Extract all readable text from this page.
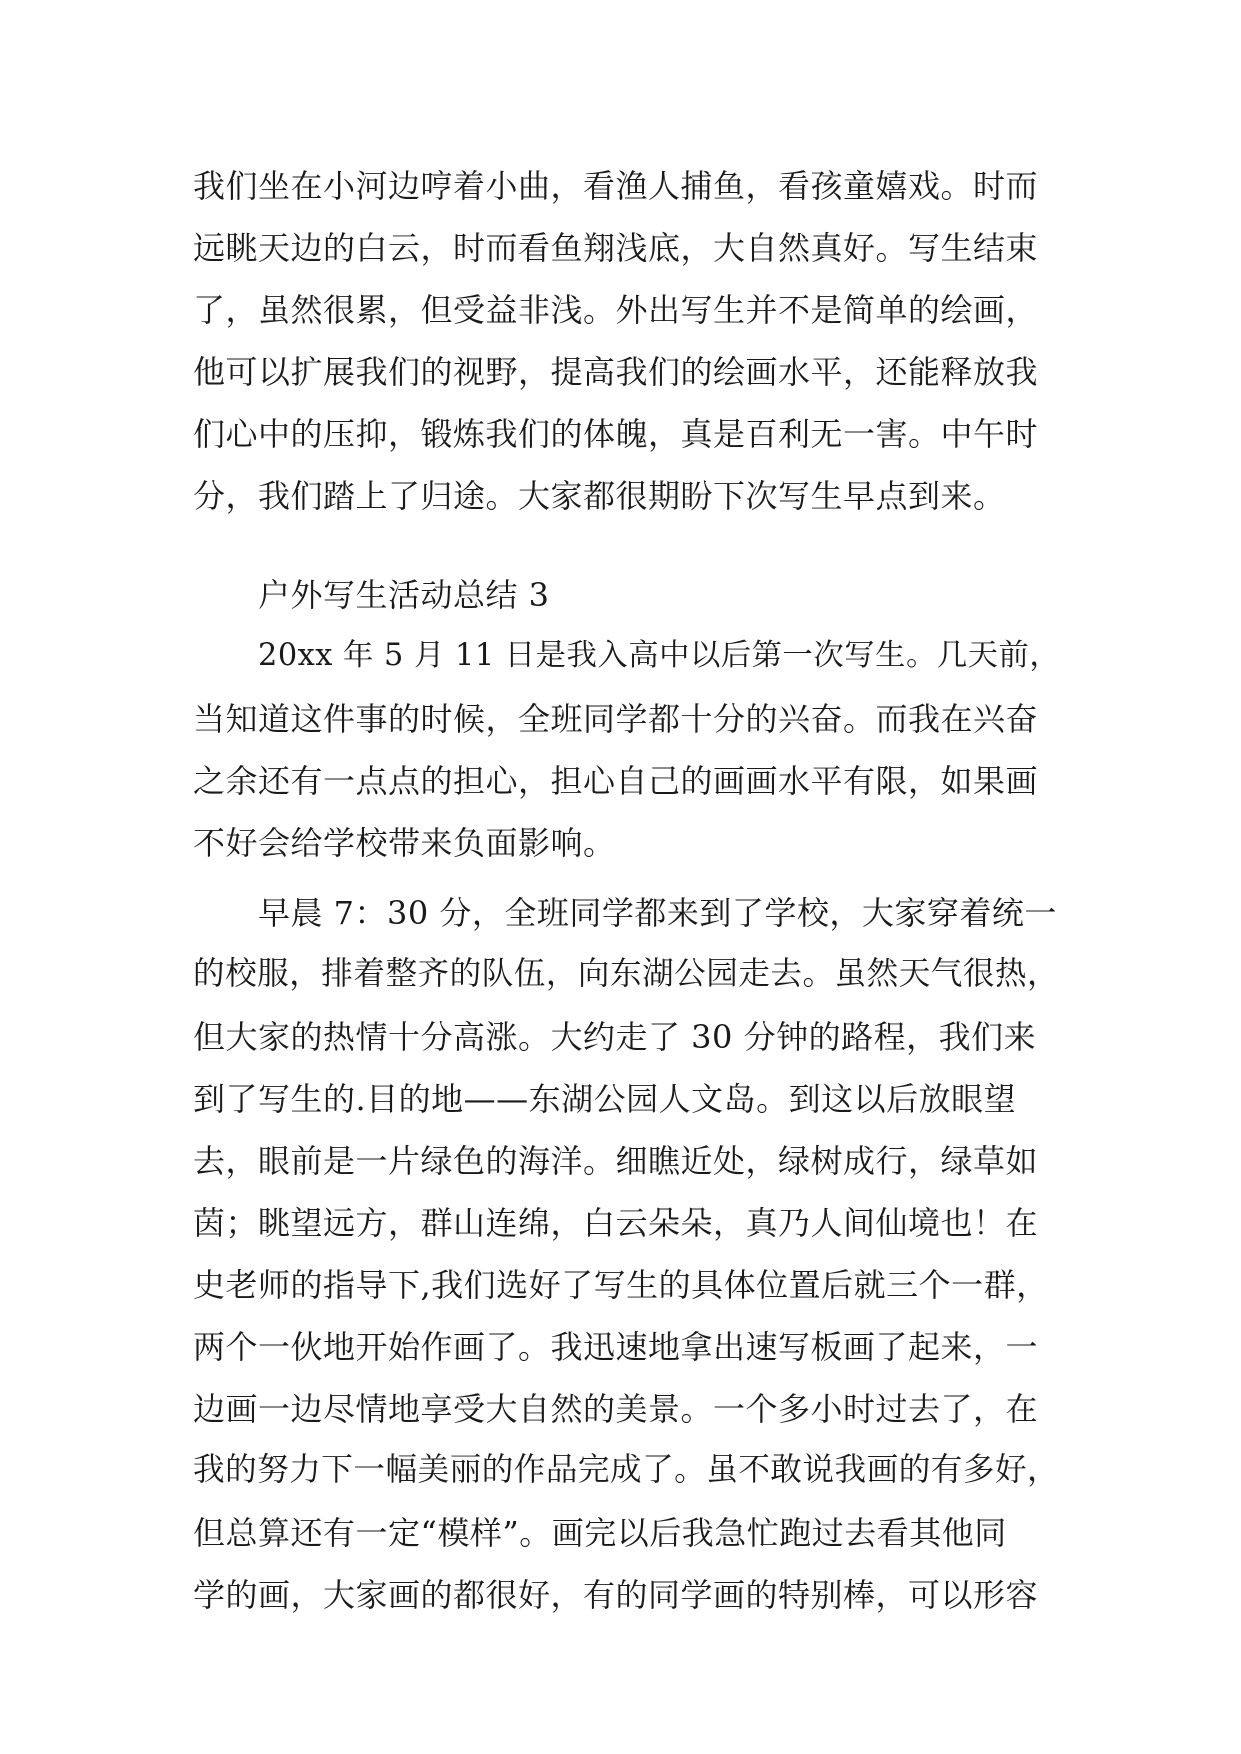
我们坐在小河边哼着小曲，看渔人捕鱼，看孩童嬉戏。时而
远眺天边的白云，时而看鱼翔浅底，大自然真好。写生结束
了，虽然很累，但受益非浅。外出写生并不是简单的绘画，
他可以扩展我们的视野，提高我们的绘画水平，还能释放我
们心中的压抑，锻炼我们的体魄，真是百利无一害。中午时
分，我们踏上了归途。大家都很期盼下次写生早点到来。
户外写生活动总结 3
20xx 年 5 月 11 日是我入高中以后第一次写生。几天前，
当知道这件事的时候，全班同学都十分的兴奋。而我在兴奋
之余还有一点点的担心，担心自己的画画水平有限，如果画
不好会给学校带来负面影响。
早晨 7：30 分，全班同学都来到了学校，大家穿着统一
的校服，排着整齐的队伍，向东湖公园走去。虽然天气很热，
但大家的热情十分高涨。大约走了 30 分钟的路程，我们来
到了写生的.目的地——东湖公园人文岛。到这以后放眼望
去，眼前是一片绿色的海洋。细瞧近处，绿树成行，绿草如
茵；眺望远方，群山连绵，白云朵朵，真乃人间仙境也！在
史老师的指导下,我们选好了写生的具体位置后就三个一群，
两个一伙地开始作画了。我迅速地拿出速写板画了起来，一
边画一边尽情地享受大自然的美景。一个多小时过去了，在
我的努力下一幅美丽的作品完成了。虽不敢说我画的有多好，
但总算还有一定“模样”。画完以后我急忙跑过去看其他同
学的画，大家画的都很好，有的同学画的特别棒，可以形容
